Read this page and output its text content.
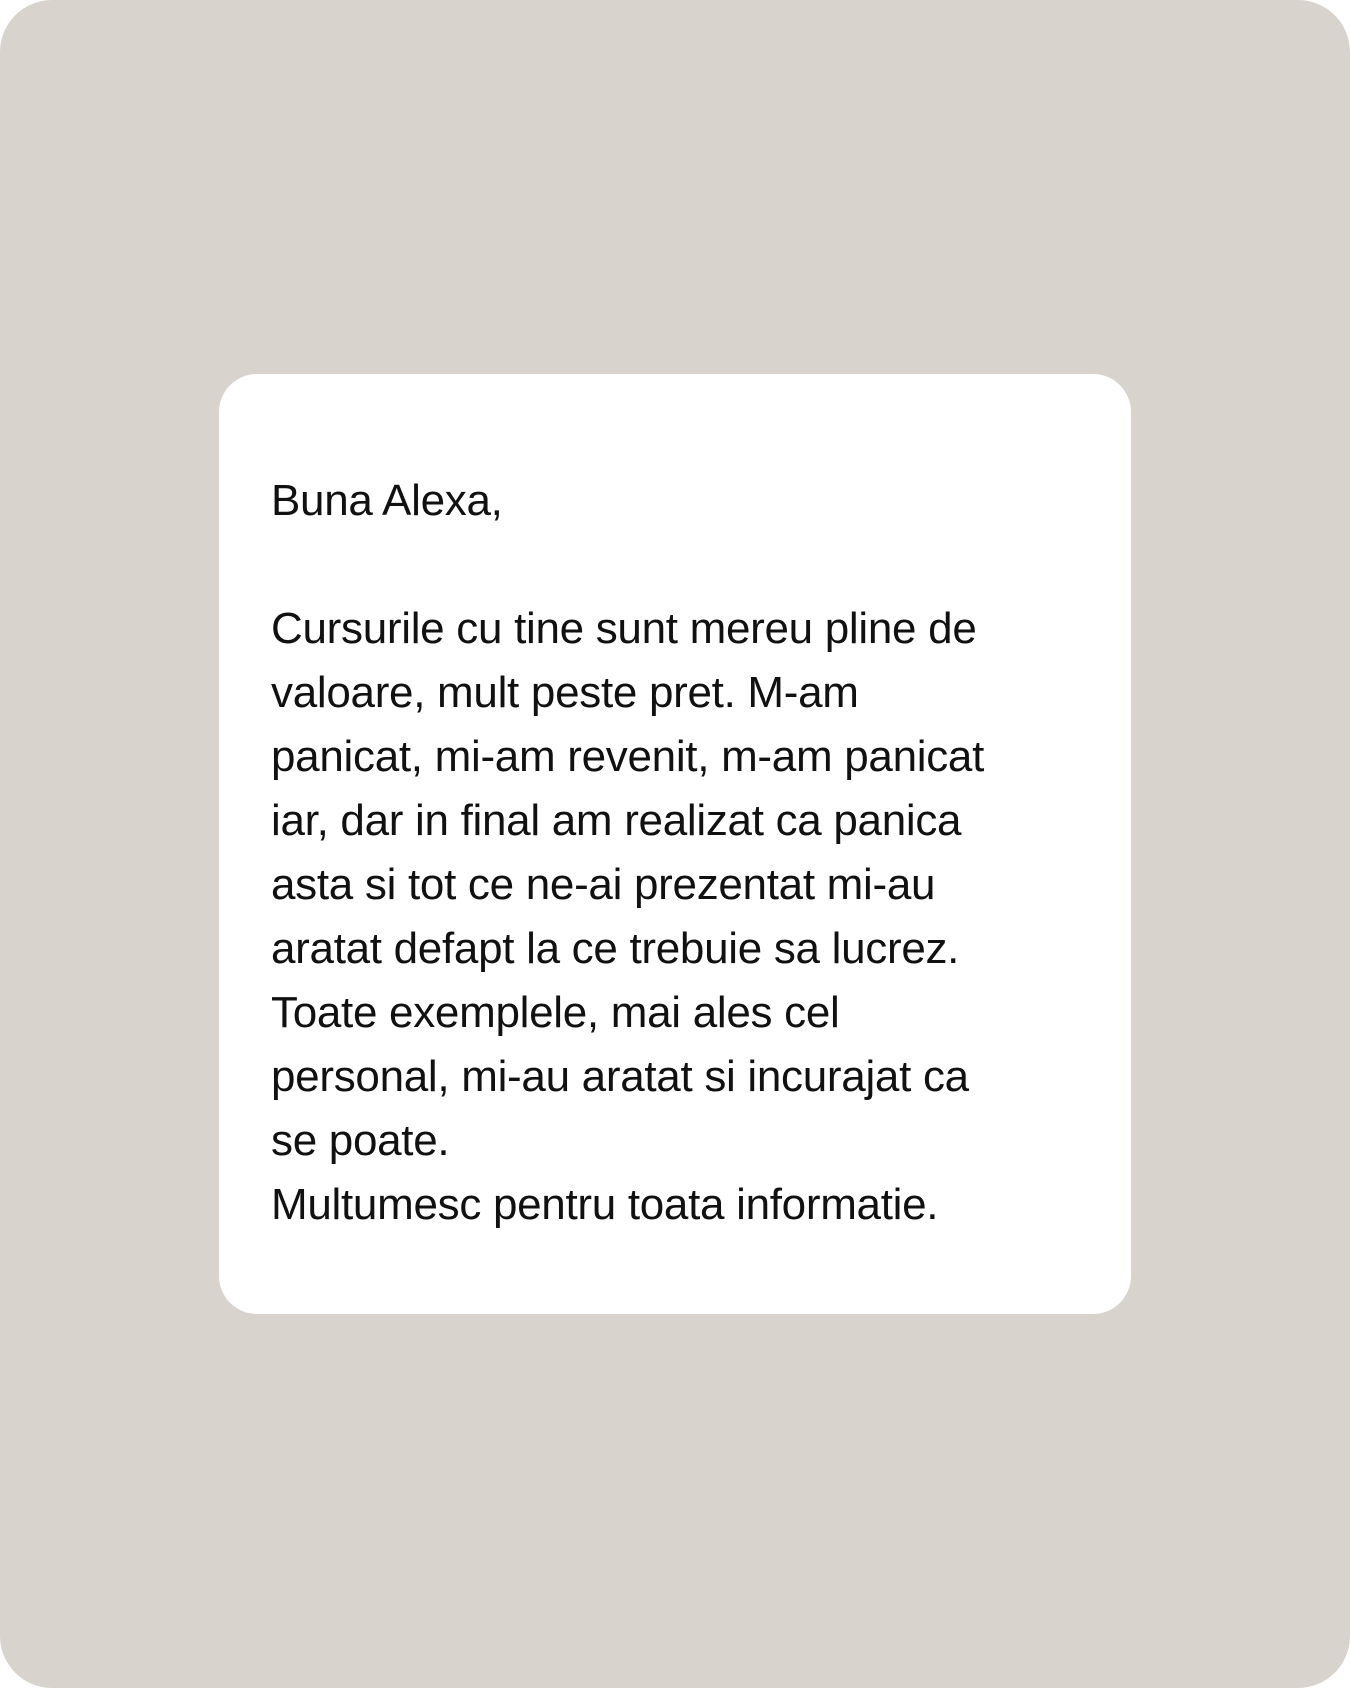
Buna Alexa,

Cursurile cu tine sunt mereu pline de

valoare, mult peste pret. M-am

panicat, mi-am revenit, m-am panicat

iar, dar in final am realizat ca panica

asta si tot ce ne-ai prezentat mi-au

aratat defapt la ce trebuie sa lucrez.

Toate exemplele, mai ales cel

personal, mi-au aratat si incurajat ca

se poate.

Multumesc pentru toata informatie.
